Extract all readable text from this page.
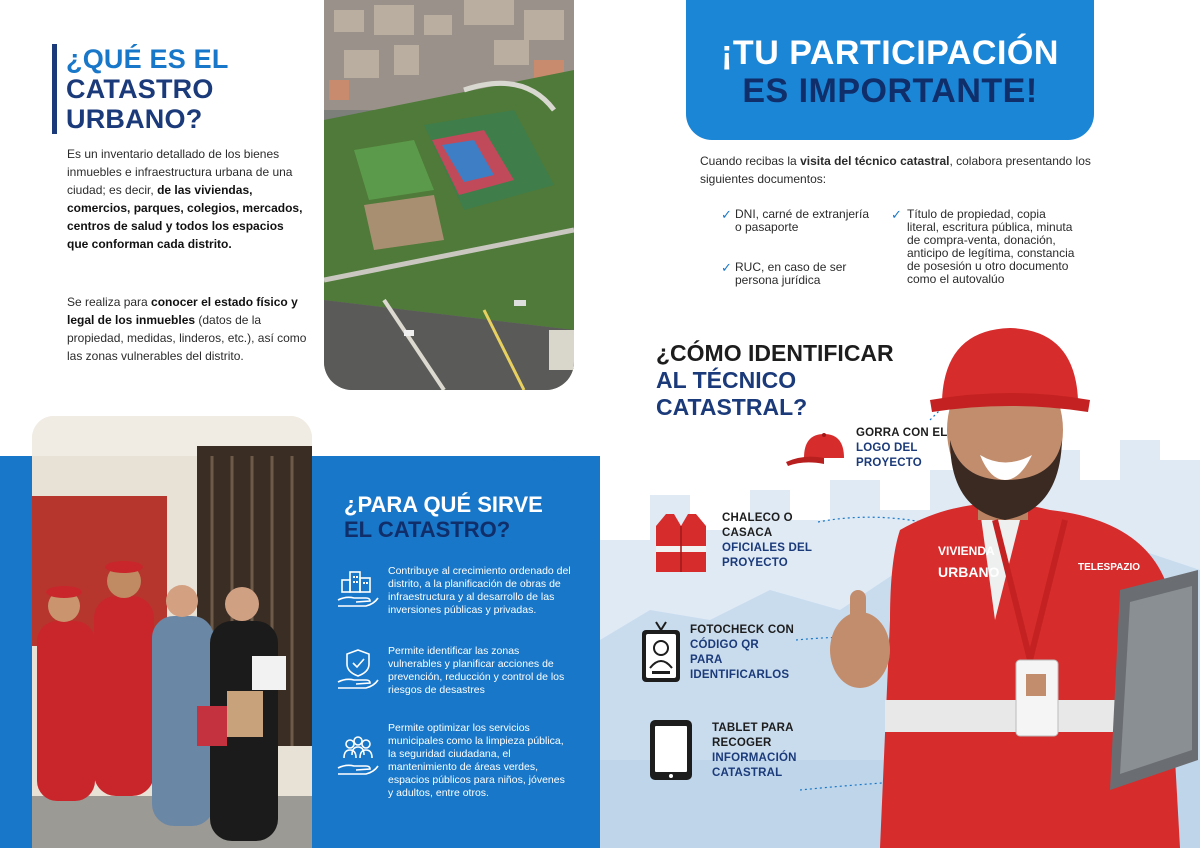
¿QUÉ ES EL
CATASTRO
URBANO?

Es un inventario detallado de los bienes inmuebles e infraestructura urbana de una ciudad; es decir, de las viviendas, comercios, parques, colegios, mercados, centros de salud y todos los espacios que conforman cada distrito.

Se realiza para conocer el estado físico y legal de los inmuebles (datos de la propiedad, medidas, linderos, etc.), así como las zonas vulnerables del distrito.

¿PARA QUÉ SIRVE
EL CATASTRO?

Contribuye al crecimiento ordenado del distrito, a la planificación de obras de infraestructura y al desarrollo de las inversiones públicas y privadas.

Permite identificar las zonas vulnerables y planificar acciones de prevención, reducción y control de los riesgos de desastres

Permite optimizar los servicios municipales como la limpieza pública, la seguridad ciudadana, el mantenimiento de áreas verdes, espacios públicos para niños, jóvenes y adultos, entre otros.

¡TU PARTICIPACIÓN
ES IMPORTANTE!

Cuando recibas la visita del técnico catastral, colabora presentando los siguientes documentos:

✓ DNI, carné de extranjería o pasaporte

✓ RUC, en caso de ser persona jurídica

✓ Título de propiedad, copia literal, escritura pública, minuta de compra-venta, donación, anticipo de legítima, constancia de posesión u otro documento como el autovalúo

¿CÓMO IDENTIFICAR
AL TÉCNICO
CATASTRAL?
GORRA CON EL
LOGO DEL
PROYECTO
CHALECO O
CASACA
OFICIALES DEL
PROYECTO
FOTOCHECK CON
CÓDIGO QR
PARA
IDENTIFICARLOS
TABLET PARA
RECOGER
INFORMACIÓN
CATASTRAL
VIVIENDA
URBANO	TELESPAZIO
